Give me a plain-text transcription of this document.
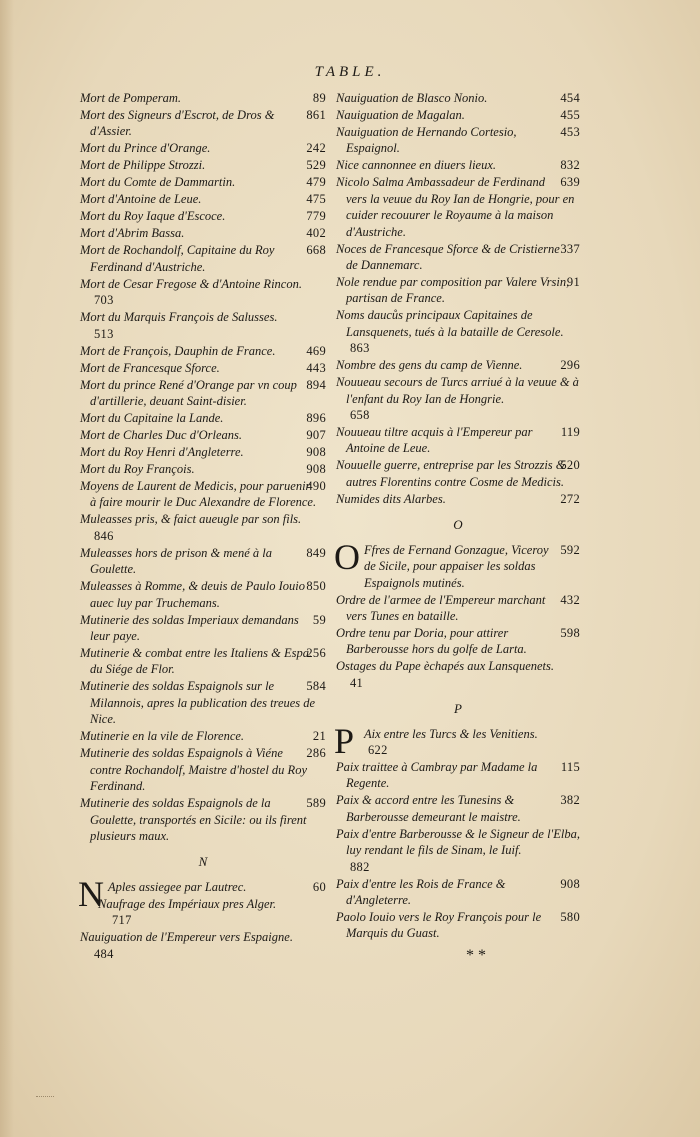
TABLE.
89
Mort de Pomperam.
861
Mort des Signeurs d'Escrot, de Dros & d'Assier.
242
Mort du Prince d'Orange.
529
Mort de Philippe Strozzi.
479
Mort du Comte de Dammartin.
475
Mort d'Antoine de Leue.
779
Mort du Roy Iaque d'Escoce.
402
Mort d'Abrim Bassa.
668
Mort de Rochandolf, Capitaine du Roy Ferdinand d'Austriche.
Mort de Cesar Fregose & d'Antoine Rincon.
703
Mort du Marquis François de Salusses.
513
469
Mort de François, Dauphin de France.
443
Mort de Francesque Sforce.
894
Mort du prince René d'Orange par vn coup d'artillerie, deuant Saint-disier.
896
Mort du Capitaine la Lande.
907
Mort de Charles Duc d'Orleans.
908
Mort du Roy Henri d'Angleterre.
908
Mort du Roy François.
490
Moyens de Laurent de Medicis, pour paruenir à faire mourir le Duc Alexandre de Florence.
Muleasses pris, & faict aueugle par son fils.
846
849
Muleasses hors de prison & mené à la Goulette.
850
Muleasses à Romme, & deuis de Paulo Iouio auec luy par Truchemans.
59
Mutinerie des soldas Imperiaux demandans leur paye.
256
Mutinerie & combat entre les Italiens & Espa. du Siége de Flor.
584
Mutinerie des soldas Espaignols sur le Milannois, apres la publication des treues de Nice.
21
Mutinerie en la vile de Florence.
286
Mutinerie des soldas Espaignols à Viéne contre Rochandolf, Maistre d'hostel du Roy Ferdinand.
589
Mutinerie des soldas Espaignols de la Goulette, transportés en Sicile: ou ils firent plusieurs maux.
N
N	60
Aples assiegee par Lautrec.
Naufrage des Impériaux pres Alger.
717
Nauiguation de l'Empereur vers Espaigne.
484
454
Nauiguation de Blasco Nonio.
455
Nauiguation de Magalan.
453
Nauiguation de Hernando Cortesio, Espaignol.
832
Nice cannonnee en diuers lieux.
639
Nicolo Salma Ambassadeur de Ferdinand vers la veuue du Roy Ian de Hongrie, pour en cuider recouurer le Royaume à la maison d'Austriche.
337
Noces de Francesque Sforce & de Cristierne de Dannemarc.
91
Nole rendue par composition par Valere Vrsin, partisan de France.
Noms daucůs principaux Capitaines de Lansquenets, tués à la bataille de Ceresole.
863
296
Nombre des gens du camp de Vienne.
Nouueau secours de Turcs arriué à la veuue & à l'enfant du Roy Ian de Hongrie.
658
119
Nouueau tiltre acquis à l'Empereur par Antoine de Leue.
520
Nouuelle guerre, entreprise par les Strozzis & autres Florentins contre Cosme de Medicis.
272
Numides dits Alarbes.
O
O	592
Ffres de Fernand Gonzague, Viceroy de Sicile, pour appaiser les soldas Espaignols mutinés.
432
Ordre de l'armee de l'Empereur marchant vers Tunes en bataille.
598
Ordre tenu par Doria, pour attirer Barberousse hors du golfe de Larta.
Ostages du Pape èchapés aux Lansquenets.
41
P
P Aix entre les Turcs & les Venitiens.
622
115
Paix traittee à Cambray par Madame la Regente.
382
Paix & accord entre les Tunesins & Barberousse demeurant le maistre.
Paix d'entre Barberousse & le Signeur de l'Elba, luy rendant le fils de Sinam, le Iuif.
882
908
Paix d'entre les Rois de France & d'Angleterre.
580
Paolo Iouio vers le Roy François pour le Marquis du Guast.
**
